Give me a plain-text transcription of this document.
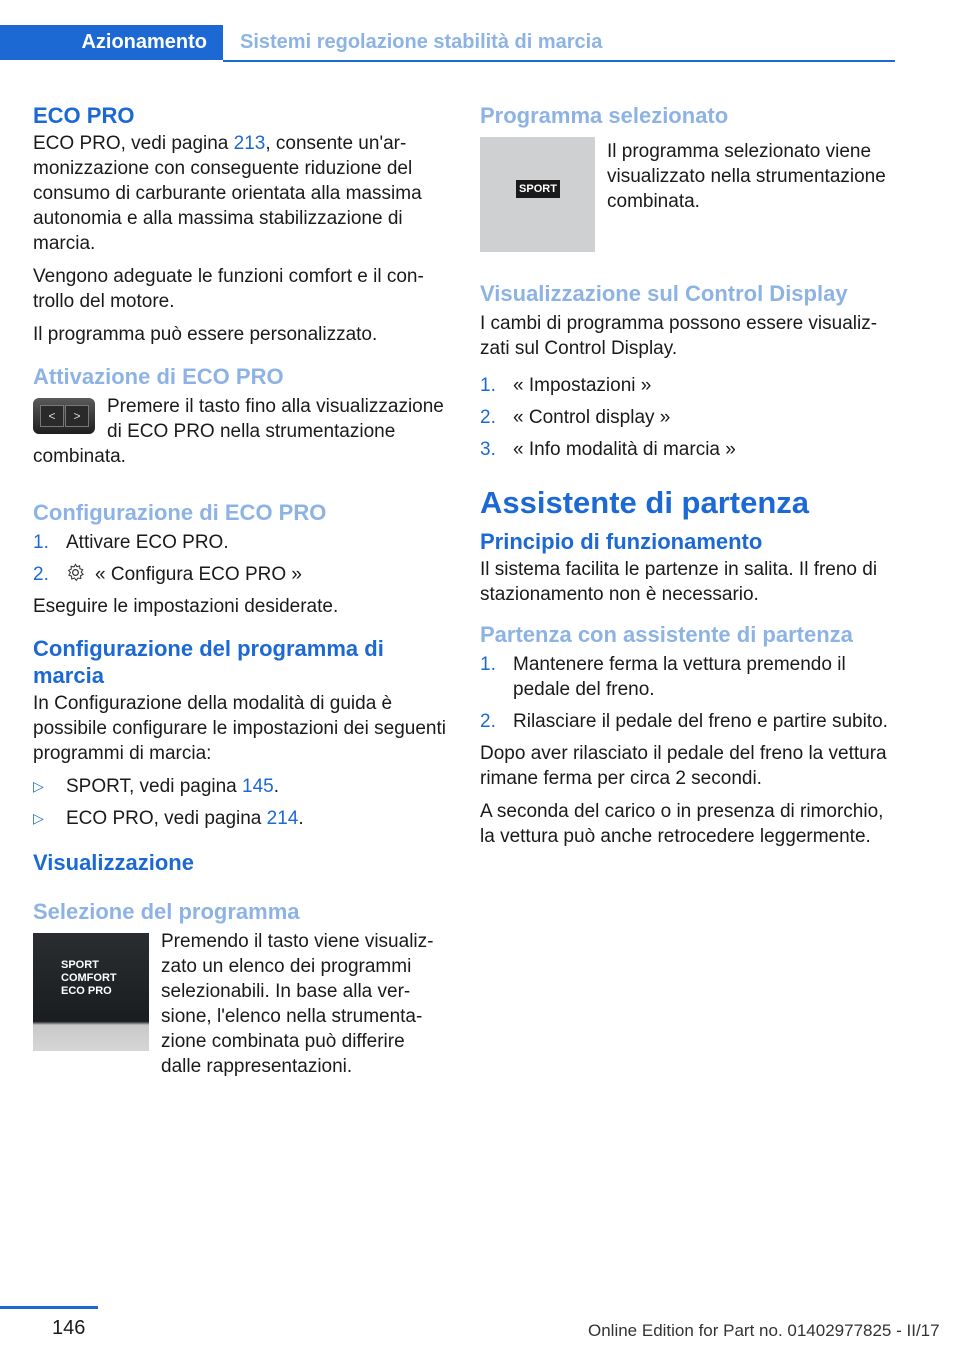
Azionamento	Sistemi regolazione stabilità di marcia
ECO PRO

ECO PRO, vedi pagina 213, consente un'armonizzazione con conseguente riduzione del consumo di carburante orientata alla massima autonomia e alla massima stabilizzazione di marcia.

Vengono adeguate le funzioni comfort e il controllo del motore.

Il programma può essere personalizzato.

Attivazione di ECO PRO
<	>	Premere il tasto fino alla visualizzazione di ECO PRO nella strumentazione combinata.

Configurazione di ECO PRO
1. Attivare ECO PRO.
2. « Configura ECO PRO »

Eseguire le impostazioni desiderate.

Configurazione del programma di marcia

In Configurazione della modalità di guida è possibile configurare le impostazioni dei seguenti programmi di marcia:

▷ SPORT, vedi pagina 145.
▷ ECO PRO, vedi pagina 214.
Visualizzazione
Selezione del programma
SPORT
COMFORT
ECO PRO

Premendo il tasto viene visualizzato un elenco dei programmi selezionabili. In base alla versione, l'elenco nella strumentazione combinata può differire dalle rappresentazioni.

Programma selezionato
SPORT

Il programma selezionato viene visualizzato nella strumentazione combinata.

Visualizzazione sul Control Display

I cambi di programma possono essere visualizzati sul Control Display.

1. « Impostazioni »
2. « Control display »
3. « Info modalità di marcia »
Assistente di partenza
Principio di funzionamento

Il sistema facilita le partenze in salita. Il freno di stazionamento non è necessario.

Partenza con assistente di partenza
1. Mantenere ferma la vettura premendo il pedale del freno.
2. Rilasciare il pedale del freno e partire subito.

Dopo aver rilasciato il pedale del freno la vettura rimane ferma per circa 2 secondi.

A seconda del carico o in presenza di rimorchio, la vettura può anche retrocedere leggermente.

146	Online Edition for Part no. 01402977825 - II/17
